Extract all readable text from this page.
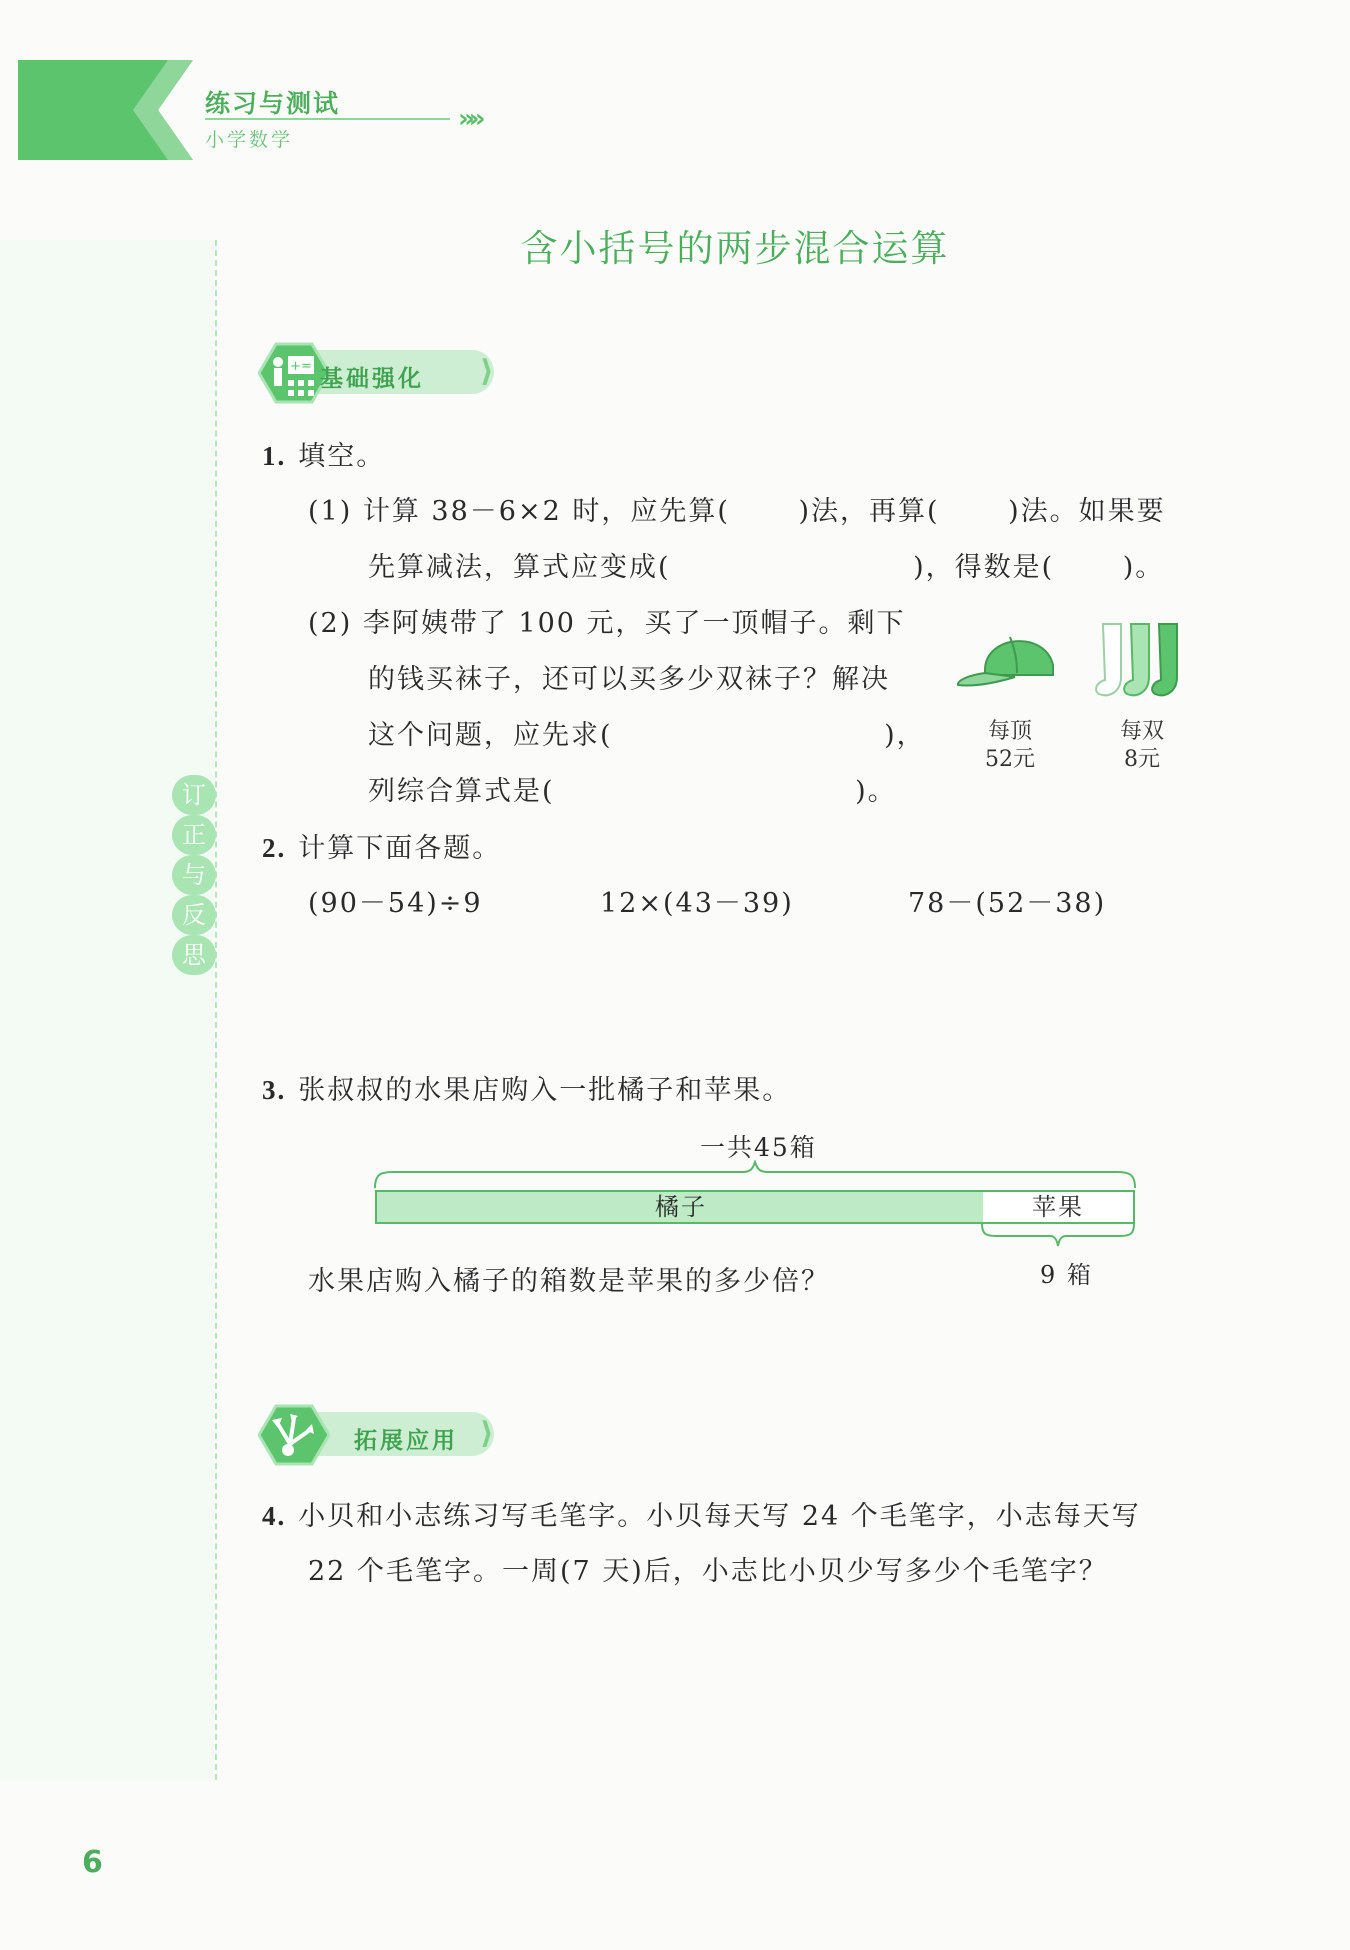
订
正
与
反
思
练习与测试
»»
小学数学
含小括号的两步混合运算
+= 基础强化 ⟩
1. 填空。
(1) 计算 38－6×2 时，应先算(　　 )法，再算(　　 )法。如果要
先算减法，算式应变成(　　　　　　　　 )，得数是(　　 )。
(2) 李阿姨带了 100 元，买了一顶帽子。剩下
的钱买袜子，还可以买多少双袜子？解决
这个问题，应先求(　　　　　　　　　 )，
列综合算式是(　　　　　　　　　　 )。
每顶
52元
每双
8元
2. 计算下面各题。
(90－54)÷9	12×(43－39)	78－(52－38)
3. 张叔叔的水果店购入一批橘子和苹果。
一共45箱
橘子	苹果
9 箱
水果店购入橘子的箱数是苹果的多少倍？
拓展应用 ⟩
4. 小贝和小志练习写毛笔字。小贝每天写 24 个毛笔字，小志每天写
22 个毛笔字。一周(7 天)后，小志比小贝少写多少个毛笔字？
6
